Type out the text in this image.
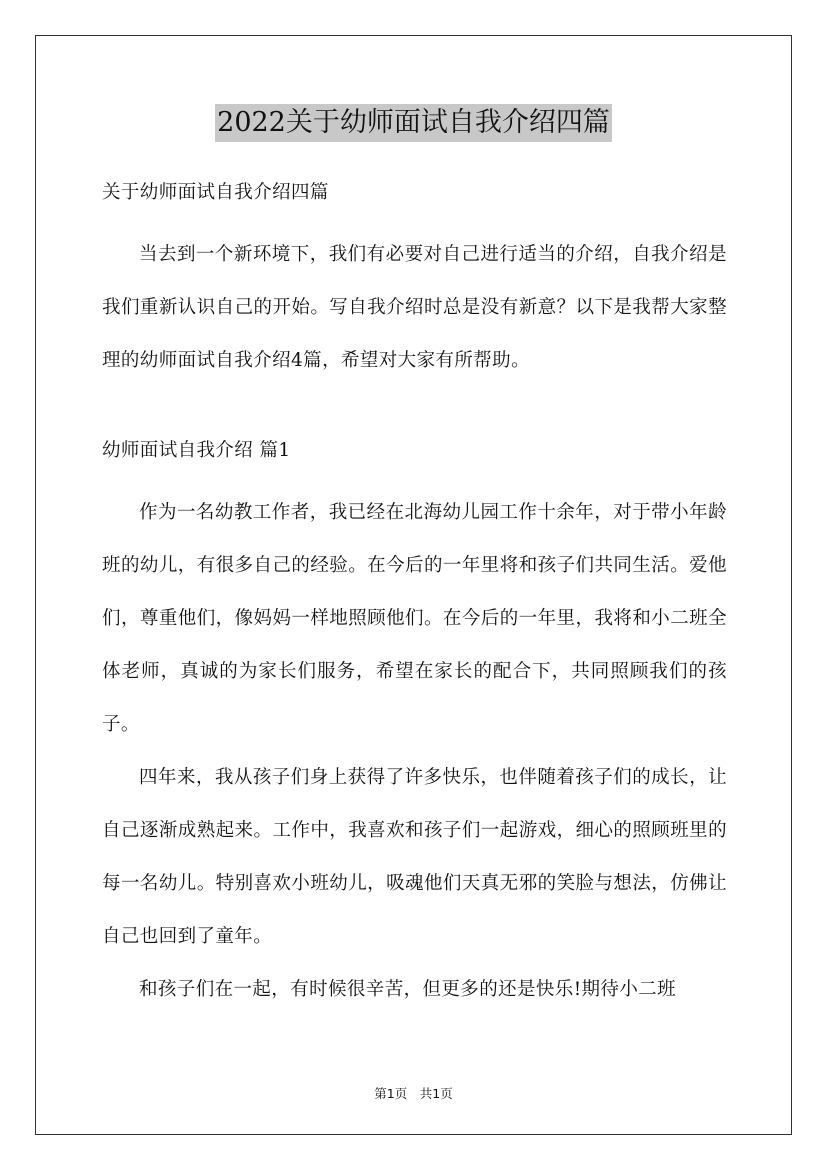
2022关于幼师面试自我介绍四篇
关于幼师面试自我介绍四篇

当去到一个新环境下，我们有必要对自己进行适当的介绍，自我介绍是我们重新认识自己的开始。写自我介绍时总是没有新意？以下是我帮大家整理的幼师面试自我介绍4篇，希望对大家有所帮助。

幼师面试自我介绍 篇1

作为一名幼教工作者，我已经在北海幼儿园工作十余年，对于带小年龄班的幼儿，有很多自己的经验。在今后的一年里将和孩子们共同生活。爱他们，尊重他们，像妈妈一样地照顾他们。在今后的一年里，我将和小二班全体老师，真诚的为家长们服务，希望在家长的配合下，共同照顾我们的孩子。

四年来，我从孩子们身上获得了许多快乐，也伴随着孩子们的成长，让自己逐渐成熟起来。工作中，我喜欢和孩子们一起游戏，细心的照顾班里的每一名幼儿。特别喜欢小班幼儿，吸魂他们天真无邪的笑脸与想法，仿佛让自己也回到了童年。

和孩子们在一起，有时候很辛苦，但更多的还是快乐!期待小二班

第1页　共1页
